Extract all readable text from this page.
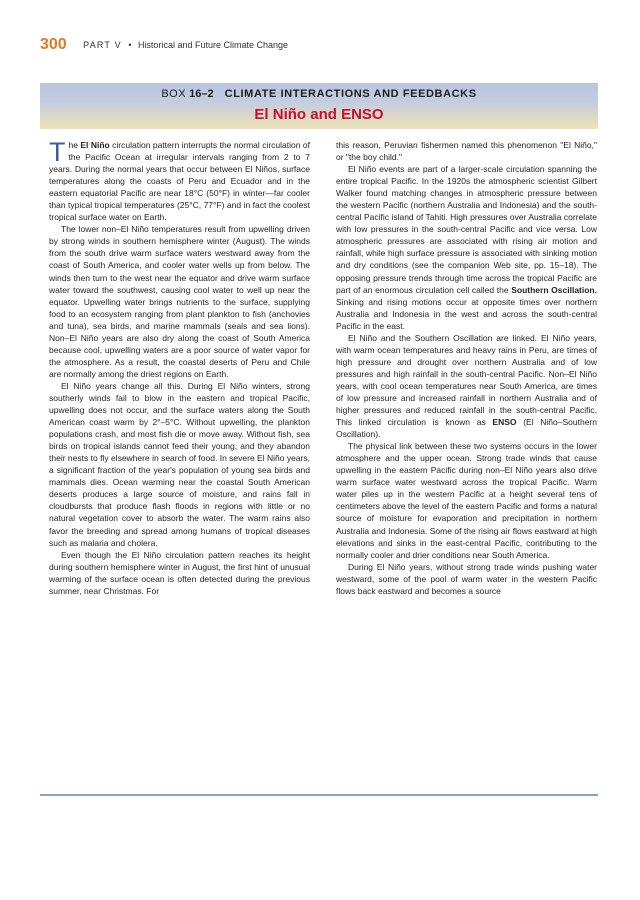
300 PART V • Historical and Future Climate Change
BOX 16–2 CLIMATE INTERACTIONS AND FEEDBACKS
El Niño and ENSO

The El Niño circulation pattern interrupts the normal circulation of the Pacific Ocean at irregular intervals ranging from 2 to 7 years. During the normal years that occur between El Niños, surface temperatures along the coasts of Peru and Ecuador and in the eastern equatorial Pacific are near 18°C (50°F) in winter—far cooler than typical tropical temperatures (25°C, 77°F) and in fact the coolest tropical surface water on Earth.

The lower non–El Niño temperatures result from upwelling driven by strong winds in southern hemisphere winter (August). The winds from the south drive warm surface waters westward away from the coast of South America, and cooler water wells up from below. The winds then turn to the west near the equator and drive warm surface water toward the southwest, causing cool water to well up near the equator. Upwelling water brings nutrients to the surface, supplying food to an ecosystem ranging from plant plankton to fish (anchovies and tuna), sea birds, and marine mammals (seals and sea lions). Non–El Niño years are also dry along the coast of South America because cool, upwelling waters are a poor source of water vapor for the atmosphere. As a result, the coastal deserts of Peru and Chile are normally among the driest regions on Earth.

El Niño years change all this. During El Niño winters, strong southerly winds fail to blow in the eastern and tropical Pacific, upwelling does not occur, and the surface waters along the South American coast warm by 2°–5°C. Without upwelling, the plankton populations crash, and most fish die or move away. Without fish, sea birds on tropical islands cannot feed their young, and they abandon their nests to fly elsewhere in search of food. In severe El Niño years, a significant fraction of the year's population of young sea birds and mammals dies. Ocean warming near the coastal South American deserts produces a large source of moisture, and rains fall in cloudbursts that produce flash floods in regions with little or no natural vegetation cover to absorb the water. The warm rains also favor the breeding and spread among humans of tropical diseases such as malaria and cholera.

Even though the El Niño circulation pattern reaches its height during southern hemisphere winter in August, the first hint of unusual warming of the surface ocean is often detected during the previous summer, near Christmas. For

this reason, Peruvian fishermen named this phenomenon "El Niño," or "the boy child."

El Niño events are part of a larger-scale circulation spanning the entire tropical Pacific. In the 1920s the atmospheric scientist Gilbert Walker found matching changes in atmospheric pressure between the western Pacific (northern Australia and Indonesia) and the south-central Pacific island of Tahiti. High pressures over Australia correlate with low pressures in the south-central Pacific and vice versa. Low atmospheric pressures are associated with rising air motion and rainfall, while high surface pressure is associated with sinking motion and dry conditions (see the companion Web site, pp. 15–18). The opposing pressure trends through time across the tropical Pacific are part of an enormous circulation cell called the Southern Oscillation. Sinking and rising motions occur at opposite times over northern Australia and Indonesia in the west and across the south-central Pacific in the east.

El Niño and the Southern Oscillation are linked. El Niño years, with warm ocean temperatures and heavy rains in Peru, are times of high pressure and drought over northern Australia and of low pressures and high rainfall in the south-central Pacific. Non–El Niño years, with cool ocean temperatures near South America, are times of low pressure and increased rainfall in northern Australia and of higher pressures and reduced rainfall in the south-central Pacific. This linked circulation is known as ENSO (El Niño–Southern Oscillation).

The physical link between these two systems occurs in the lower atmosphere and the upper ocean. Strong trade winds that cause upwelling in the eastern Pacific during non–El Niño years also drive warm surface water westward across the tropical Pacific. Warm water piles up in the western Pacific at a height several tens of centimeters above the level of the eastern Pacific and forms a natural source of moisture for evaporation and precipitation in northern Australia and Indonesia. Some of the rising air flows eastward at high elevations and sinks in the east-central Pacific, contributing to the normally cooler and drier conditions near South America.

During El Niño years, without strong trade winds pushing water westward, some of the pool of warm water in the western Pacific flows back eastward and becomes a source
